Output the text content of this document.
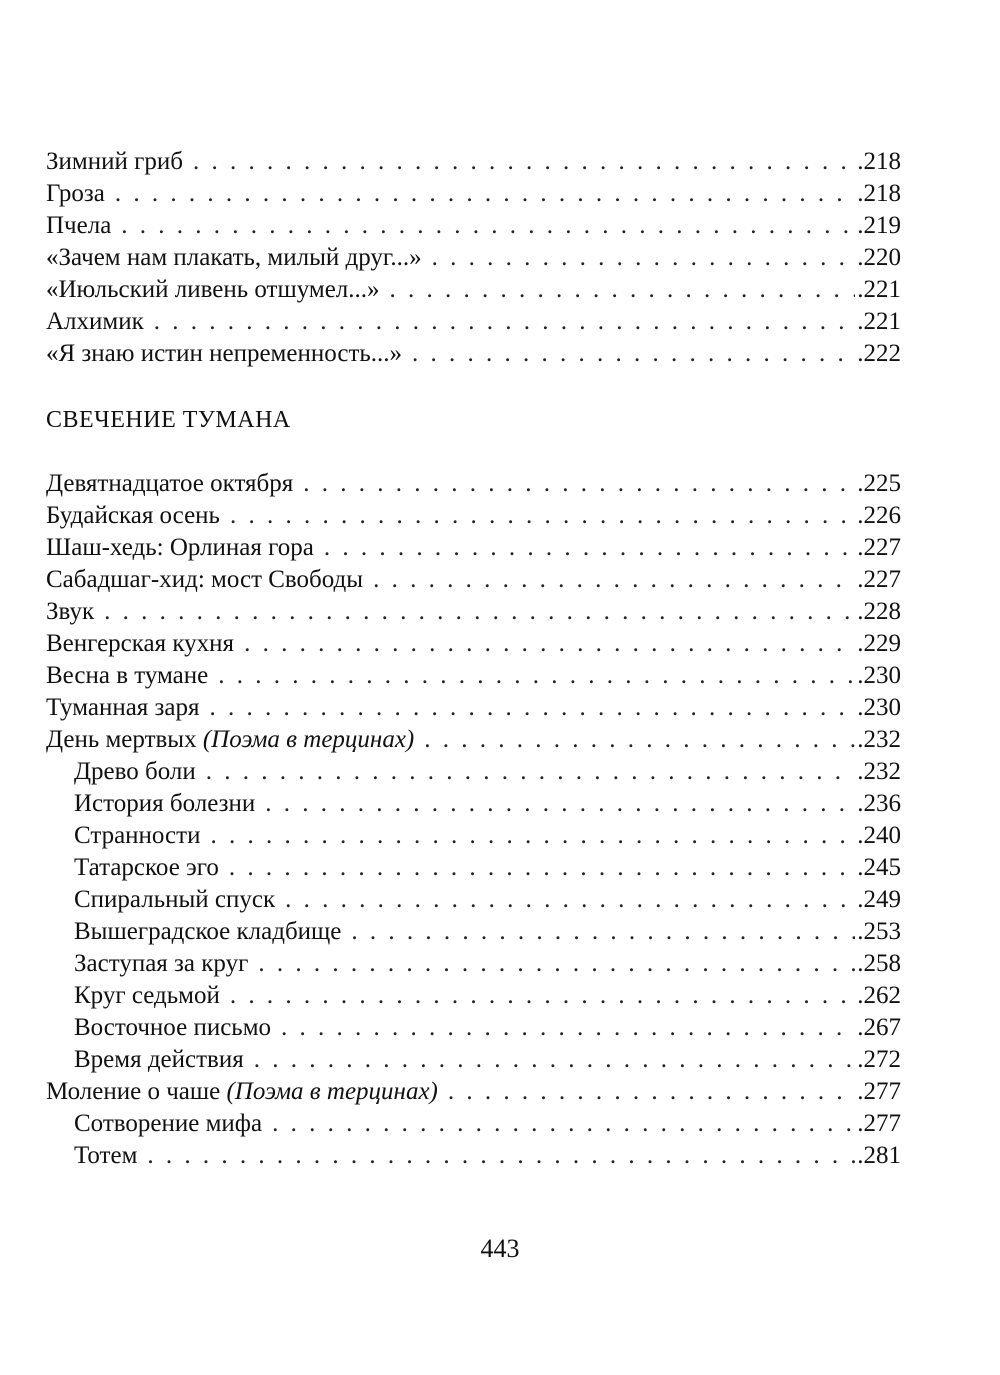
Зимний гриб . . .	.218
Гроза . . .	.218
Пчела . . .	.219
«Зачем нам плакать, милый друг...» . . .	.220
«Июльский ливень отшумел...» . . .	.221
Алхимик . . .	.221
«Я знаю истин непременность...» . . .	.222
СВЕЧЕНИЕ ТУМАНА
Девятнадцатое октября . . .	.225
Будайская осень . . .	.226
Шаш-хедь: Орлиная гора . . .	.227
Сабадшаг-хид: мост Свободы . . .	.227
Звук . . .	.228
Венгерская кухня . . .	.229
Весна в тумане . . .	.230
Туманная заря . . .	.230
День мертвых (Поэма в терцинах) . . .	.232
Древо боли . . .	.232
История болезни . . .	.236
Странности . . .	.240
Татарское эго . . .	.245
Спиральный спуск . . .	.249
Вышеградское кладбище . . .	.253
Заступая за круг . . .	.258
Круг седьмой . . .	.262
Восточное письмо . . .	.267
Время действия . . .	.272
Моление о чаше (Поэма в терцинах) . . .	.277
Сотворение мифа . . .	.277
Тотем . . .	.281
443
